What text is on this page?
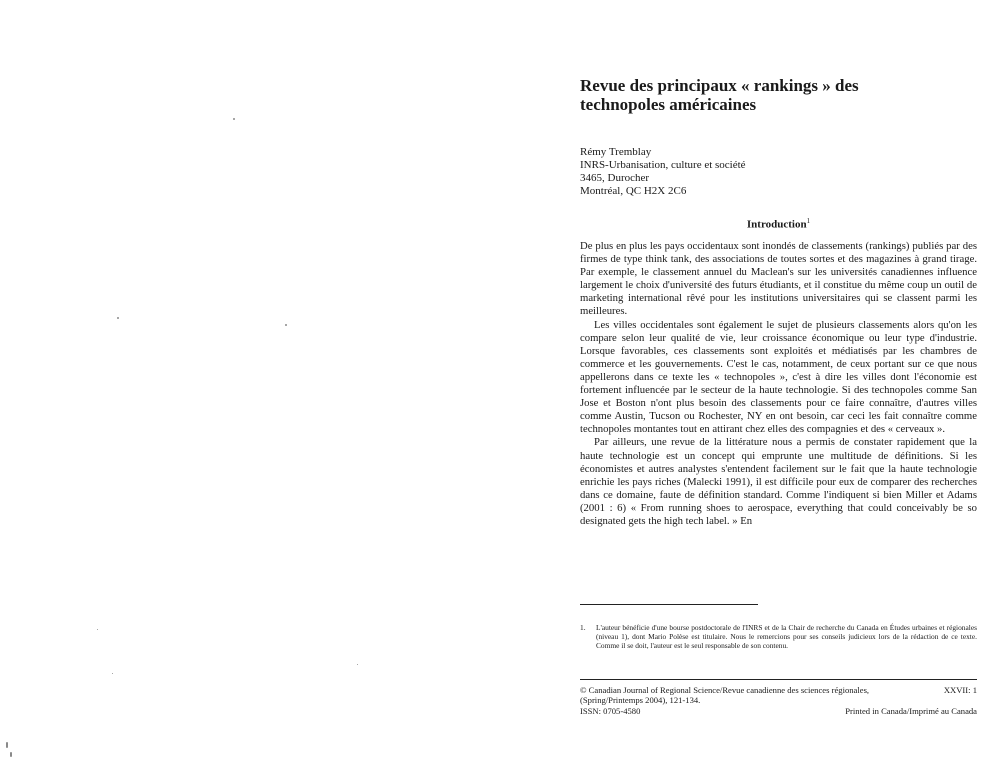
Revue des principaux « rankings » des
technopoles américaines
Rémy Tremblay
INRS-Urbanisation, culture et société
3465, Durocher
Montréal, QC H2X 2C6
Introduction$^1$

De plus en plus les pays occidentaux sont inondés de classements (rankings) publiés par des firmes de type think tank, des associations de toutes sortes et des magazines à grand tirage. Par exemple, le classement annuel du Maclean's sur les universités canadiennes influence largement le choix d'université des futurs étudiants, et il constitue du même coup un outil de marketing international rêvé pour les institutions universitaires qui se classent parmi les meilleures.

Les villes occidentales sont également le sujet de plusieurs classements alors qu'on les compare selon leur qualité de vie, leur croissance économique ou leur type d'industrie. Lorsque favorables, ces classements sont exploités et médiatisés par les chambres de commerce et les gouvernements. C'est le cas, notamment, de ceux portant sur ce que nous appellerons dans ce texte les « technopoles », c'est à dire les villes dont l'économie est fortement influencée par le secteur de la haute technologie. Si des technopoles comme San Jose et Boston n'ont plus besoin des classements pour ce faire connaître, d'autres villes comme Austin, Tucson ou Rochester, NY en ont besoin, car ceci les fait connaître comme technopoles montantes tout en attirant chez elles des compagnies et des « cerveaux ».

Par ailleurs, une revue de la littérature nous a permis de constater rapidement que la haute technologie est un concept qui emprunte une multitude de définitions. Si les économistes et autres analystes s'entendent facilement sur le fait que la haute technologie enrichie les pays riches (Malecki 1991), il est difficile pour eux de comparer des recherches dans ce domaine, faute de définition standard. Comme l'indiquent si bien Miller et Adams (2001 : 6) « From running shoes to aerospace, everything that could conceivably be so designated gets the high tech label. » En

1.	L'auteur bénéficie d'une bourse postdoctorale de l'INRS et de la Chair de recherche du Canada en Études urbaines et régionales (niveau 1), dont Mario Polèse est titulaire. Nous le remercions pour ses conseils judicieux lors de la rédaction de ce texte. Comme il se doit, l'auteur est le seul responsable de son contenu.
© Canadian Journal of Regional Science/Revue canadienne des sciences régionales,	XXVII: 1
(Spring/Printemps 2004), 121-134.
ISSN: 0705-4580	Printed in Canada/Imprimé au Canada
